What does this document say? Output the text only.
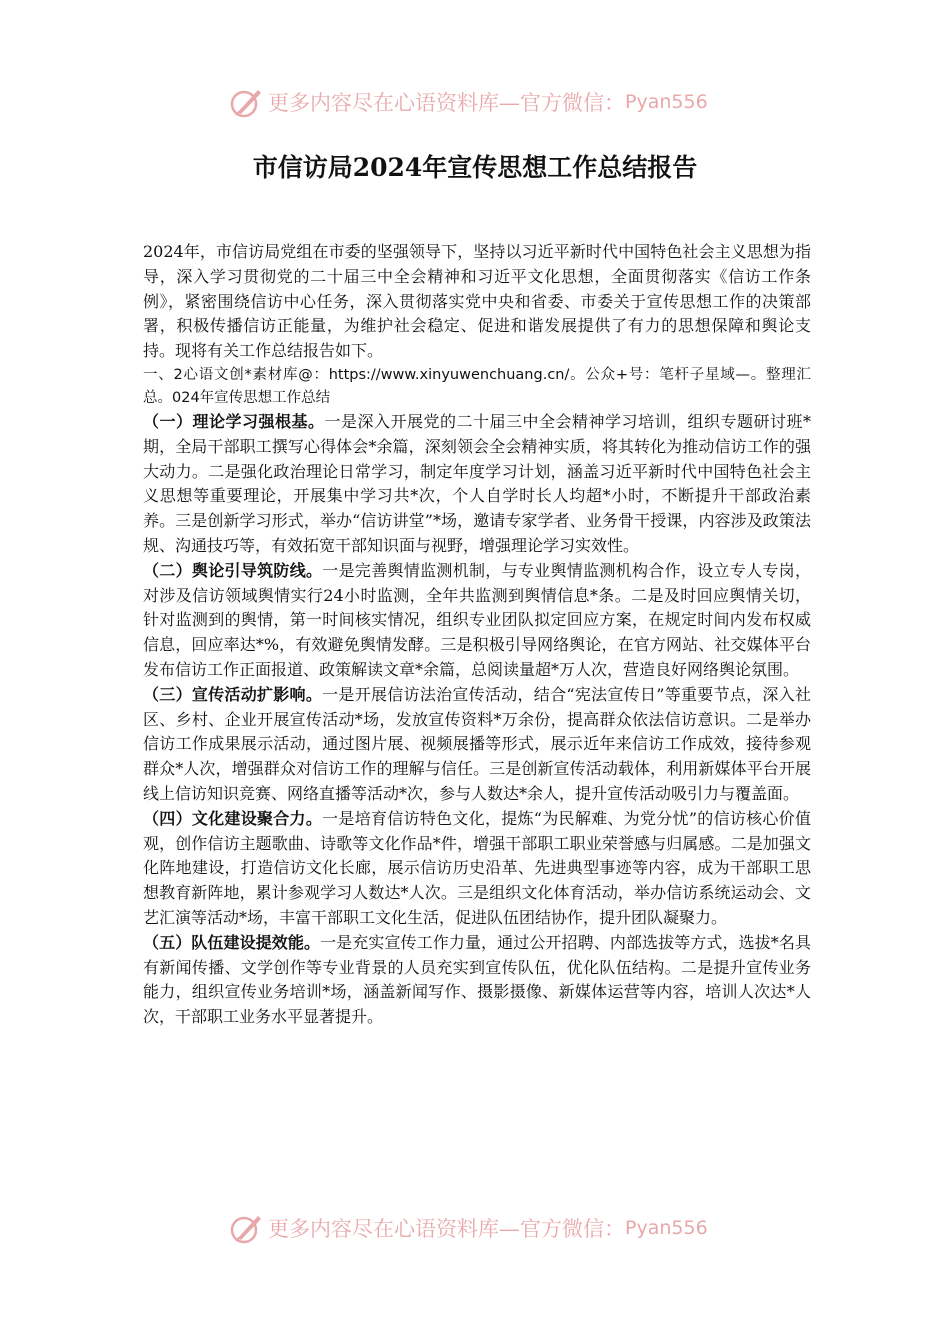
更多内容尽在心语资料库—官方微信： Pyan556
市信访局2024年宣传思想工作总结报告

2024年，市信访局党组在市委的坚强领导下，坚持以习近平新时代中国特色社会主义思想为指导，深入学习贯彻党的二十届三中全会精神和习近平文化思想，全面贯彻落实《信访工作条例》，紧密围绕信访中心任务，深入贯彻落实党中央和省委、市委关于宣传思想工作的决策部署，积极传播信访正能量，为维护社会稳定、促进和谐发展提供了有力的思想保障和舆论支持。现将有关工作总结报告如下。

一、2心语文创*素材库@：https://www.xinyuwenchuang.cn/。公众+号：笔杆子星域—。整理汇总。024年宣传思想工作总结

（一）理论学习强根基。一是深入开展党的二十届三中全会精神学习培训，组织专题研讨班*期，全局干部职工撰写心得体会*余篇，深刻领会全会精神实质，将其转化为推动信访工作的强大动力。二是强化政治理论日常学习，制定年度学习计划，涵盖习近平新时代中国特色社会主义思想等重要理论，开展集中学习共*次，个人自学时长人均超*小时，不断提升干部政治素养。三是创新学习形式，举办“信访讲堂”*场，邀请专家学者、业务骨干授课，内容涉及政策法规、沟通技巧等，有效拓宽干部知识面与视野，增强理论学习实效性。

（二）舆论引导筑防线。一是完善舆情监测机制，与专业舆情监测机构合作，设立专人专岗，对涉及信访领域舆情实行24小时监测，全年共监测到舆情信息*条。二是及时回应舆情关切，针对监测到的舆情，第一时间核实情况，组织专业团队拟定回应方案，在规定时间内发布权威信息，回应率达*%，有效避免舆情发酵。三是积极引导网络舆论，在官方网站、社交媒体平台发布信访工作正面报道、政策解读文章*余篇，总阅读量超*万人次，营造良好网络舆论氛围。

（三）宣传活动扩影响。一是开展信访法治宣传活动，结合“宪法宣传日”等重要节点，深入社区、乡村、企业开展宣传活动*场，发放宣传资料*万余份，提高群众依法信访意识。二是举办信访工作成果展示活动，通过图片展、视频展播等形式，展示近年来信访工作成效，接待参观群众*人次，增强群众对信访工作的理解与信任。三是创新宣传活动载体，利用新媒体平台开展线上信访知识竞赛、网络直播等活动*次，参与人数达*余人，提升宣传活动吸引力与覆盖面。

（四）文化建设聚合力。一是培育信访特色文化，提炼“为民解难、为党分忧”的信访核心价值观，创作信访主题歌曲、诗歌等文化作品*件，增强干部职工职业荣誉感与归属感。二是加强文化阵地建设，打造信访文化长廊，展示信访历史沿革、先进典型事迹等内容，成为干部职工思想教育新阵地，累计参观学习人数达*人次。三是组织文化体育活动，举办信访系统运动会、文艺汇演等活动*场，丰富干部职工文化生活，促进队伍团结协作，提升团队凝聚力。

（五）队伍建设提效能。一是充实宣传工作力量，通过公开招聘、内部选拔等方式，选拔*名具有新闻传播、文学创作等专业背景的人员充实到宣传队伍，优化队伍结构。二是提升宣传业务能力，组织宣传业务培训*场，涵盖新闻写作、摄影摄像、新媒体运营等内容，培训人次达*人次，干部职工业务水平显著提升。

更多内容尽在心语资料库—官方微信： Pyan556
